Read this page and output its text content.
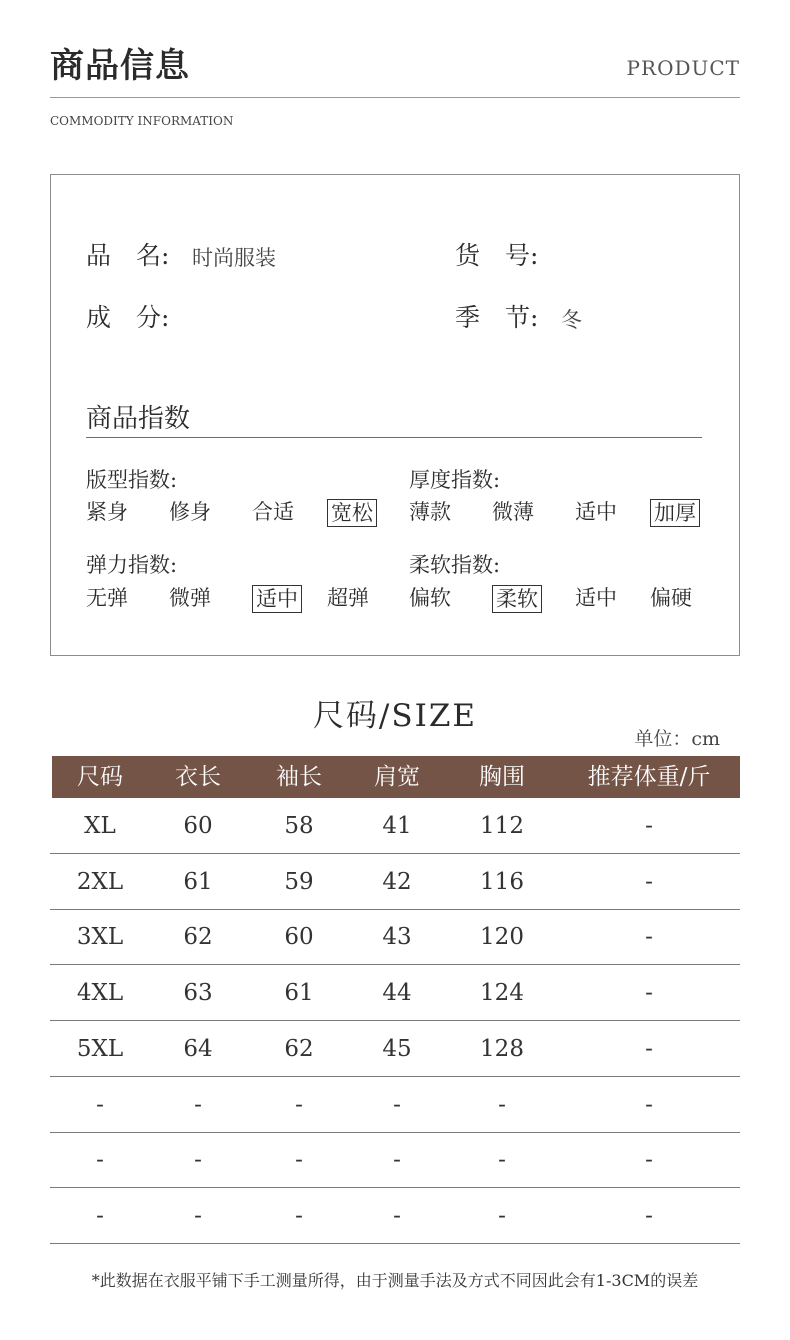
商品信息	PRODUCT
COMMODITY INFORMATION
品　名: 时尚服装	货　号:
成　分:	季　节: 冬
商品指数
版型指数:
紧身 修身 合适 宽松
厚度指数:
薄款 微薄 适中 加厚
弹力指数:
无弹 微弹 适中 超弹
柔软指数:
偏软 柔软 适中 偏硬
尺码/SIZE
单位：cm
尺码 衣长 袖长 肩宽	胸围	推荐体重/斤
XL	60	58	41	112	-
2XL	61	59	42	116	-
3XL	62	60	43	120	-
4XL	63	61	44	124	-
5XL	64	62	45	128	-
-	-	-	-	-	-
-	-	-	-	-	-
-	-	-	-	-	-
*此数据在衣服平铺下手工测量所得，由于测量手法及方式不同因此会有1-3CM的误差
